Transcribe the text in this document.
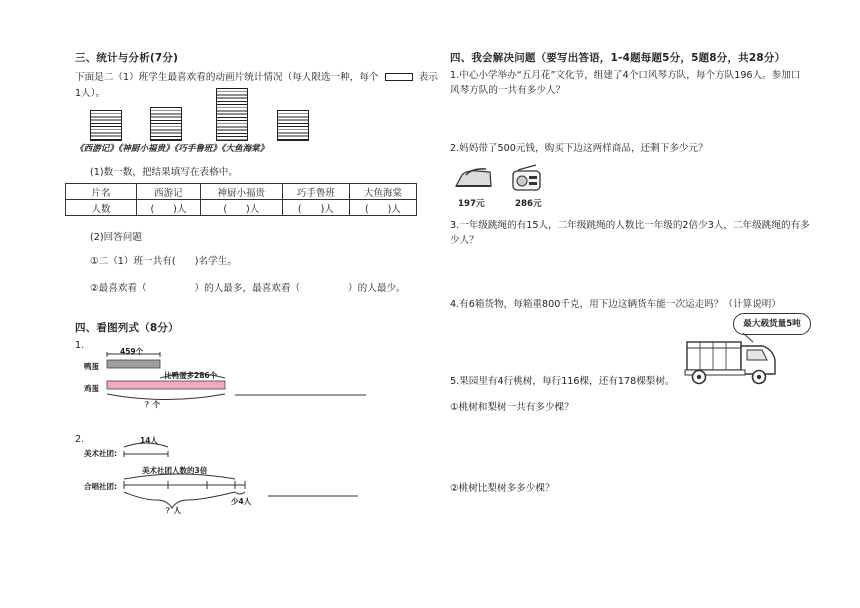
三、统计与分析(7分)
下面是二（1）班学生最喜欢看的动画片统计情况（每人限选一种，每个	表示
1人）。
《西游记》《神厨小福贵》《巧手鲁班》《大鱼海棠》
(1)数一数，把结果填写在表格中。
片名	西游记	神厨小福贵	巧手鲁班	大鱼海棠
人数	(　　)人	(　　)人	(　　)人	(　　)人
(2)回答问题
①二（1）班一共有(　　)名学生。
②最喜欢看（　　　　　）的人最多，最喜欢看（　　　　　）的人最少。
四、看图列式（8分）
1.
459个
鸭蛋
鸡蛋
比鸭蛋多286个
？个
2.	14人
美术社团:
美术社团人数的3倍
合唱社团:
少4人
？人
四、我会解决问题（要写出答语，1-4题每题5分，5题8分，共28分）
1.中心小学举办“五月花”文化节，组建了4个口风琴方队，每个方队196人。参加口
风琴方队的一共有多少人？
2.妈妈带了500元钱，购买下边这两样商品，还剩下多少元？
197元	286元
3.一年级跳绳的有15人，二年级跳绳的人数比一年级的2倍少3人，二年级跳绳的有多
少人？
4.有6箱货物，每箱重800千克，用下边这辆货车能一次运走吗？（计算说明）
最大载货量5吨
5.果园里有4行桃树，每行116棵，还有178棵梨树。
①桃树和梨树一共有多少棵？
②桃树比梨树多多少棵？
